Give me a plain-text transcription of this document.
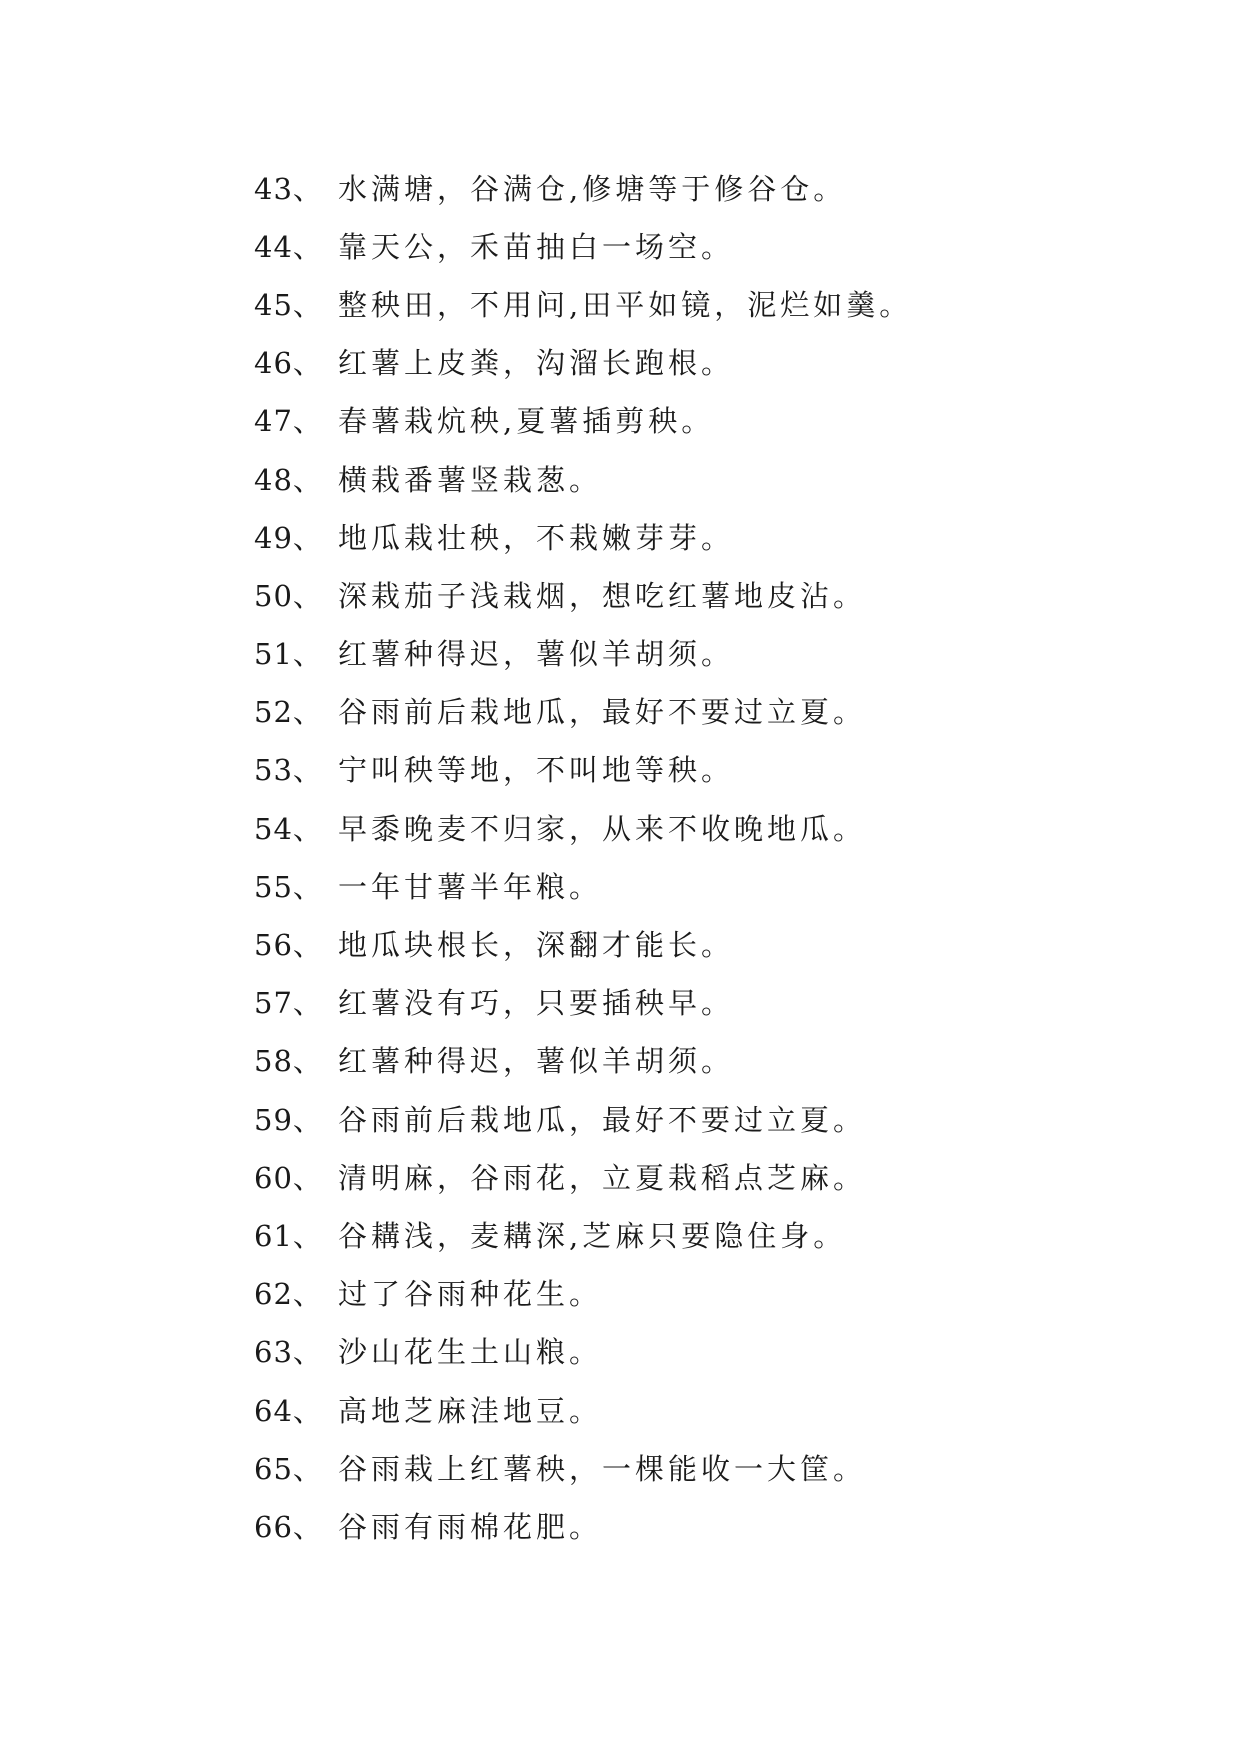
43、 水满塘，谷满仓,修塘等于修谷仓。
44、 靠天公，禾苗抽白一场空。
45、 整秧田，不用问,田平如镜，泥烂如羹。
46、 红薯上皮粪，沟溜长跑根。
47、 春薯栽炕秧,夏薯插剪秧。
48、 横栽番薯竖栽葱。
49、 地瓜栽壮秧，不栽嫩芽芽。
50、 深栽茄子浅栽烟，想吃红薯地皮沾。
51、 红薯种得迟，薯似羊胡须。
52、 谷雨前后栽地瓜，最好不要过立夏。
53、 宁叫秧等地，不叫地等秧。
54、 早黍晚麦不归家，从来不收晚地瓜。
55、 一年甘薯半年粮。
56、 地瓜块根长，深翻才能长。
57、 红薯没有巧，只要插秧早。
58、 红薯种得迟，薯似羊胡须。
59、 谷雨前后栽地瓜，最好不要过立夏。
60、 清明麻，谷雨花，立夏栽稻点芝麻。
61、 谷耩浅，麦耩深,芝麻只要隐住身。
62、 过了谷雨种花生。
63、 沙山花生土山粮。
64、 高地芝麻洼地豆。
65、 谷雨栽上红薯秧，一棵能收一大筐。
66、 谷雨有雨棉花肥。
